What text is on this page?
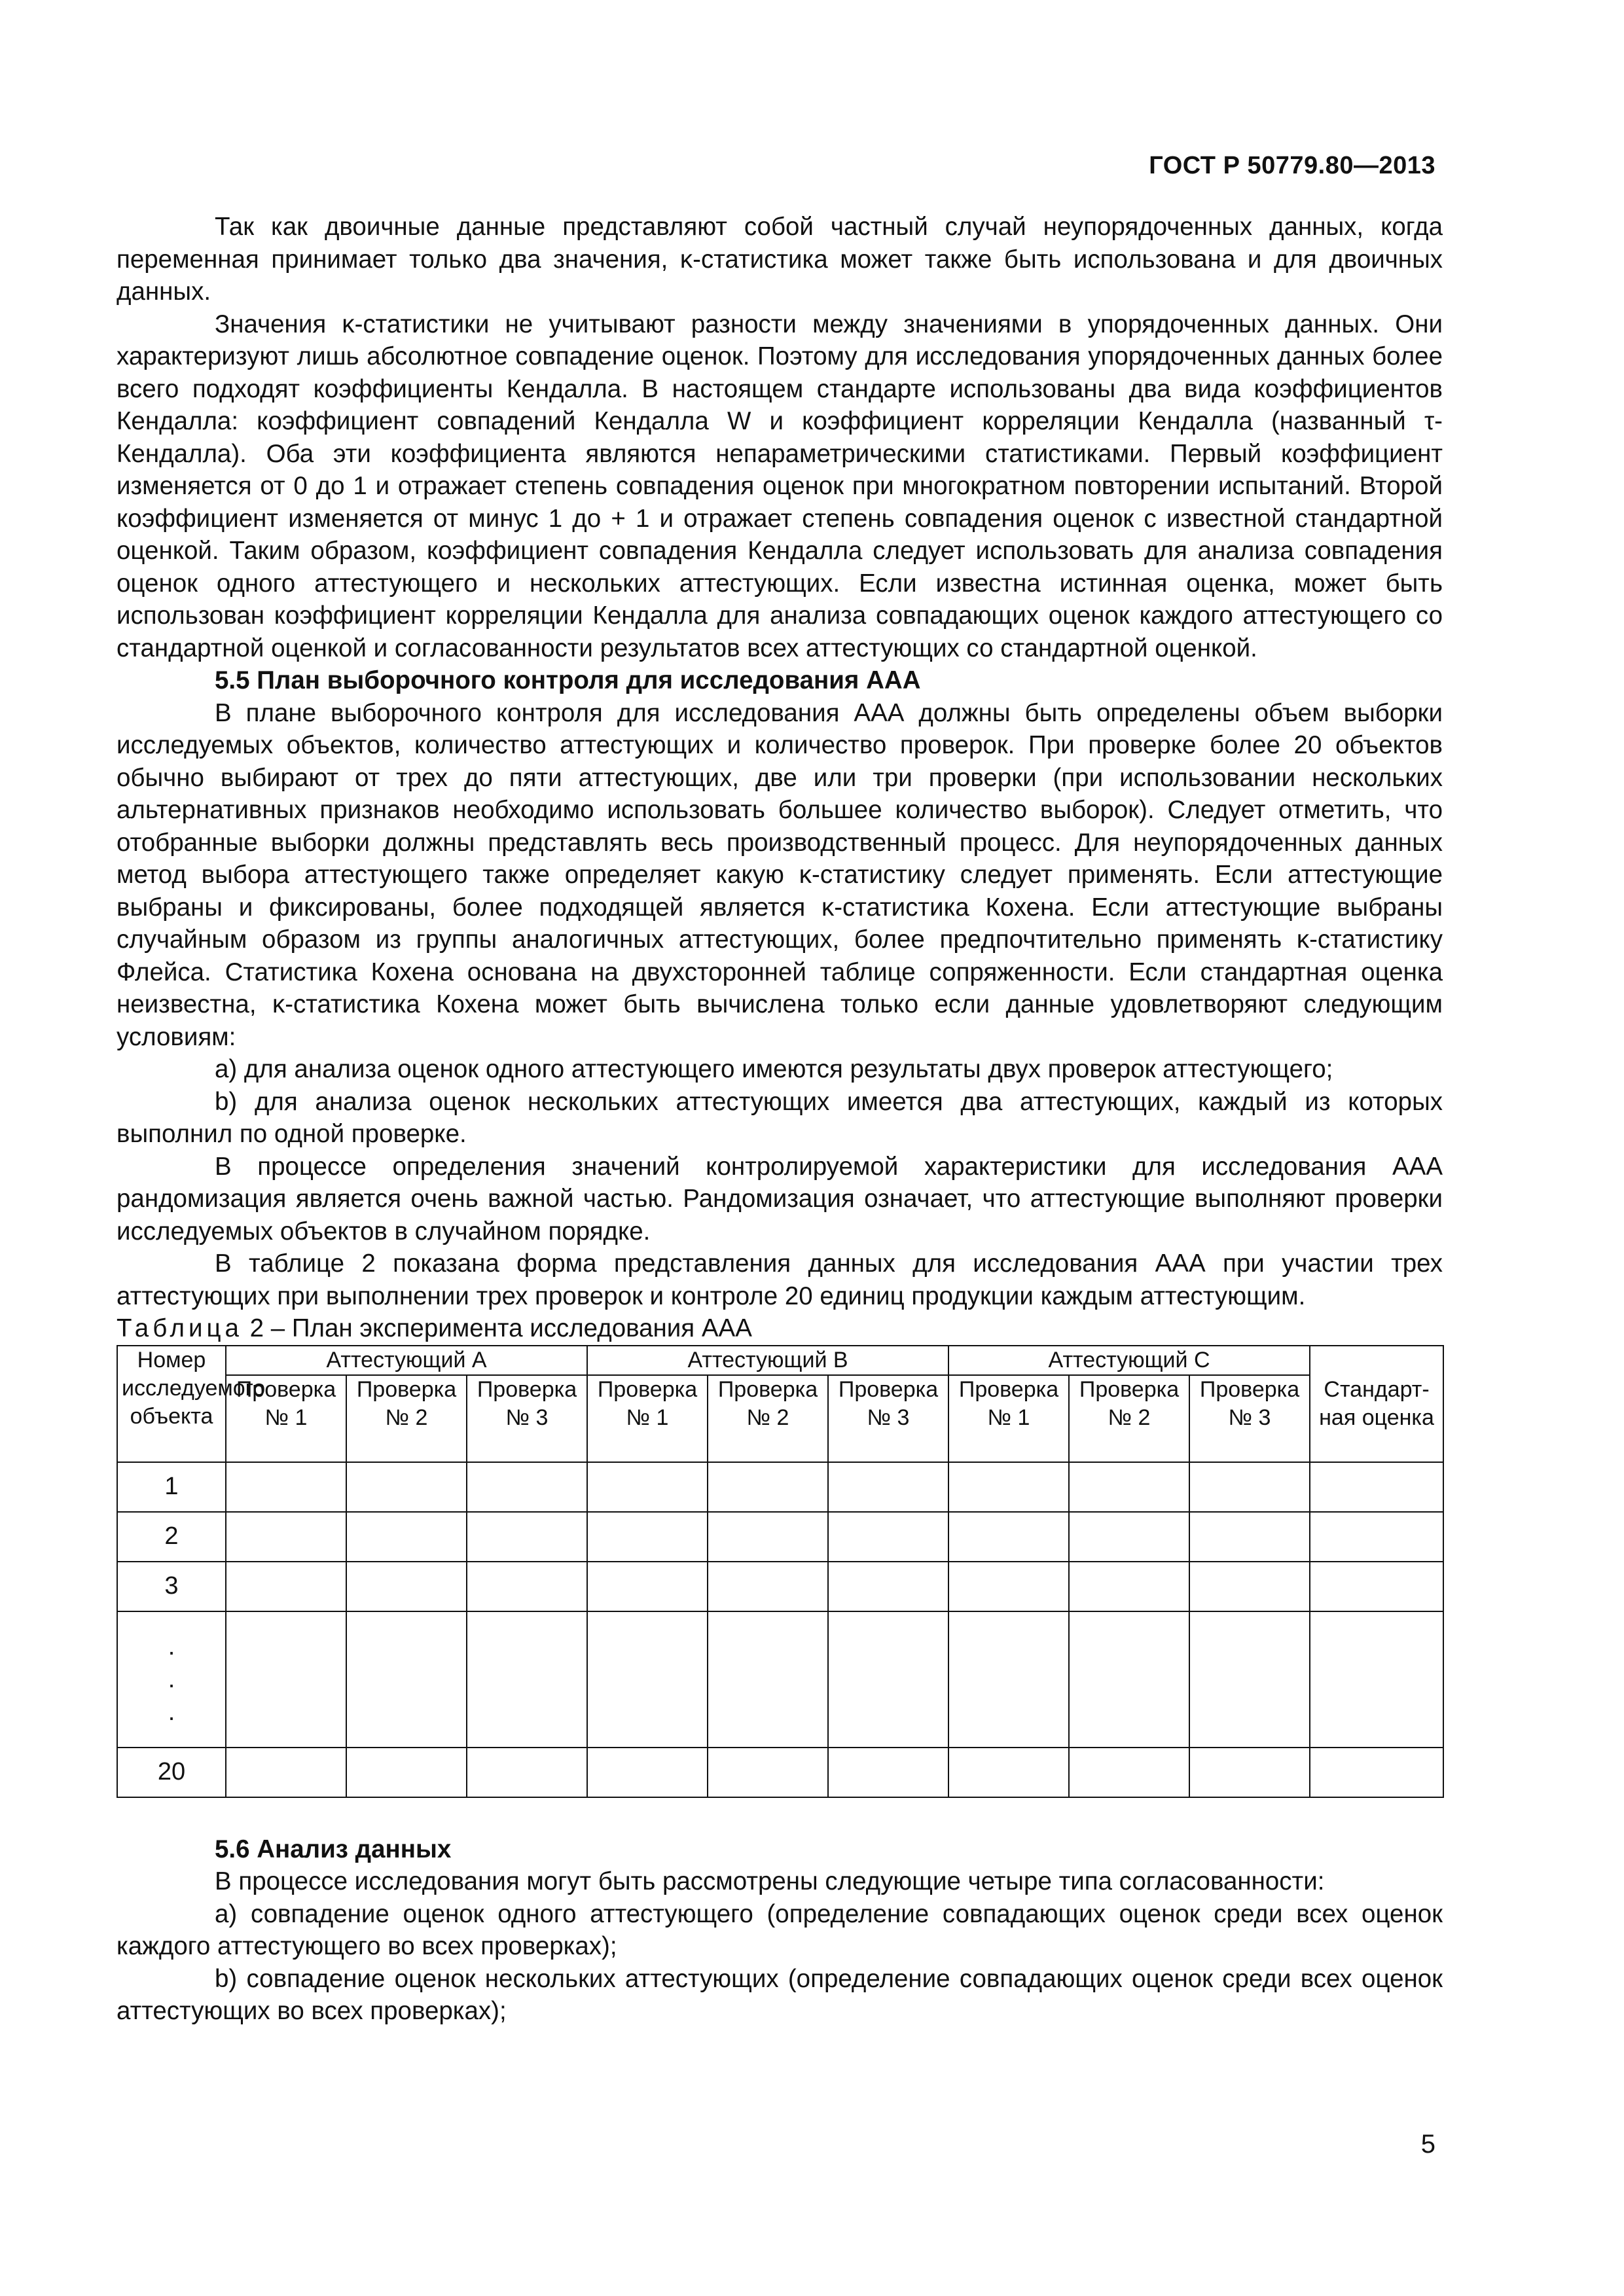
ГОСТ Р 50779.80—2013

Так как двоичные данные представляют собой частный случай неупорядоченных данных, когда переменная принимает только два значения, κ-статистика может также быть использована и для двоичных данных.

Значения κ-статистики не учитывают разности между значениями в упорядоченных данных. Они характеризуют лишь абсолютное совпадение оценок. Поэтому для исследования упорядоченных данных более всего подходят коэффициенты Кендалла. В настоящем стандарте использованы два вида коэффициентов Кендалла: коэффициент совпадений Кендалла W и коэффициент корреляции Кендалла (названный τ-Кендалла). Оба эти коэффициента являются непараметрическими статистиками. Первый коэффициент изменяется от 0 до 1 и отражает степень совпадения оценок при многократном повторении испытаний. Второй коэффициент изменяется от минус 1 до + 1 и отражает степень совпадения оценок с известной стандартной оценкой. Таким образом, коэффициент совпадения Кендалла следует использовать для анализа совпадения оценок одного аттестующего и нескольких аттестующих. Если известна истинная оценка, может быть использован коэффициент корреляции Кендалла для анализа совпадающих оценок каждого аттестующего со стандартной оценкой и согласованности результатов всех аттестующих со стандартной оценкой.

5.5 План выборочного контроля для исследования ААА

В плане выборочного контроля для исследования ААА должны быть определены объем выборки исследуемых объектов, количество аттестующих и количество проверок. При проверке более 20 объектов обычно выбирают от трех до пяти аттестующих, две или три проверки (при использовании нескольких альтернативных признаков необходимо использовать большее количество выборок). Следует отметить, что отобранные выборки должны представлять весь производственный процесс. Для неупорядоченных данных метод выбора аттестующего также определяет какую κ-статистику следует применять. Если аттестующие выбраны и фиксированы, более подходящей является κ-статистика Кохена. Если аттестующие выбраны случайным образом из группы аналогичных аттестующих, более предпочтительно применять κ-статистику Флейса. Статистика Кохена основана на двухсторонней таблице сопряженности. Если стандартная оценка неизвестна, κ-статистика Кохена может быть вычислена только если данные удовлетворяют следующим условиям:

a) для анализа оценок одного аттестующего имеются результаты двух проверок аттестующего;

b) для анализа оценок нескольких аттестующих имеется два аттестующих, каждый из которых выполнил по одной проверке.

В процессе определения значений контролируемой характеристики для исследования ААА рандомизация является очень важной частью. Рандомизация означает, что аттестующие выполняют проверки исследуемых объектов в случайном порядке.

В таблице 2 показана форма представления данных для исследования ААА при участии трех аттестующих при выполнении трех проверок и контроле 20 единиц продукции каждым аттестующим.

Таблица 2 – План эксперимента исследования ААА

Номер исследуемого объекта	Аттестующий А			Аттестующий В			Аттестующий С			Стандарт-ная оценка
	Проверка № 1	Проверка № 2	Проверка № 3	Проверка № 1	Проверка № 2	Проверка № 3	Проверка № 1	Проверка № 2	Проверка № 3	
1										
2										
3										
.
.
.										
20										

5.6 Анализ данных

В процессе исследования могут быть рассмотрены следующие четыре типа согласованности:

a) совпадение оценок одного аттестующего (определение совпадающих оценок среди всех оценок каждого аттестующего во всех проверках);

b) совпадение оценок нескольких аттестующих (определение совпадающих оценок среди всех оценок аттестующих во всех проверках);

5
